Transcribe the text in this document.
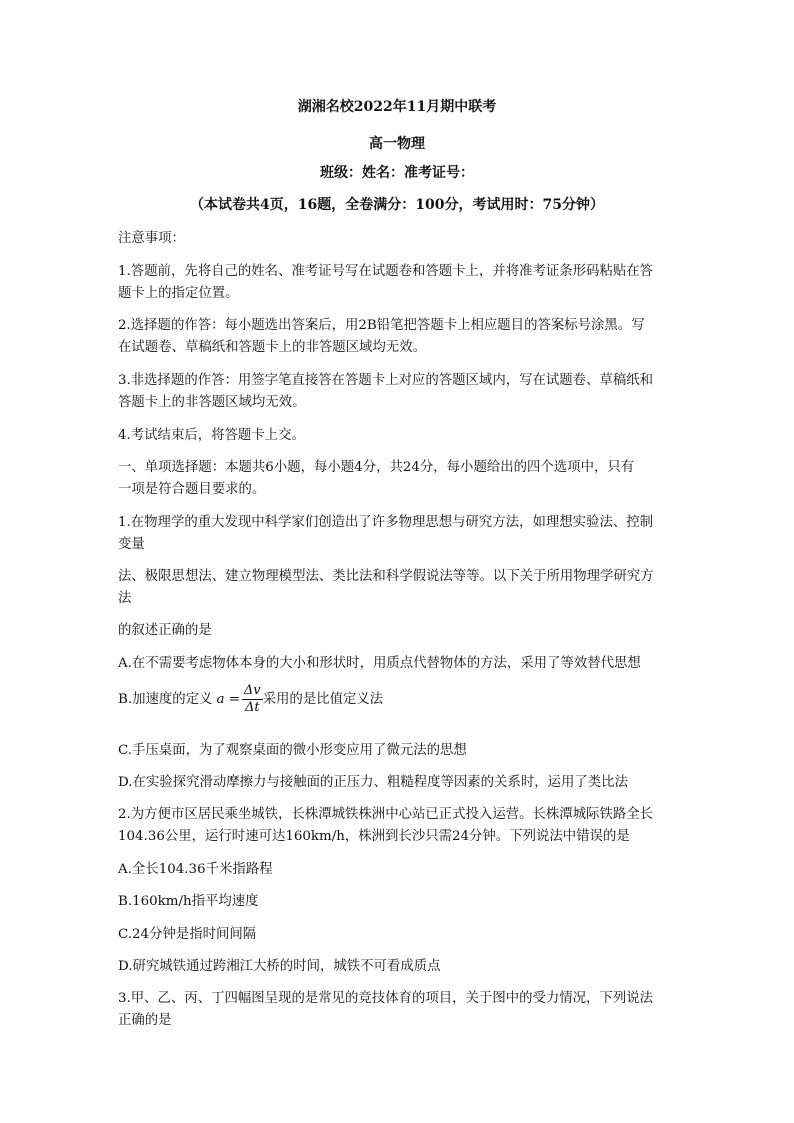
湖湘名校2022年11月期中联考
高一物理
班级：姓名：准考证号：
（本试卷共4页，16题，全卷满分：100分，考试用时：75分钟）
注意事项：
1.答题前，先将自己的姓名、准考证号写在试题卷和答题卡上，并将准考证条形码粘贴在答
题卡上的指定位置。
2.选择题的作答：每小题选出答案后，用2B铅笔把答题卡上相应题目的答案标号涂黑。写
在试题卷、草稿纸和答题卡上的非答题区域均无效。
3.非选择题的作答：用签字笔直接答在答题卡上对应的答题区域内，写在试题卷、草稿纸和
答题卡上的非答题区域均无效。
4.考试结束后，将答题卡上交。
一、单项选择题：本题共6小题，每小题4分，共24分，每小题给出的四个选项中，只有
一项是符合题目要求的。
1.在物理学的重大发现中科学家们创造出了许多物理思想与研究方法，如理想实验法、控制
变量
法、极限思想法、建立物理模型法、类比法和科学假说法等等。以下关于所用物理学研究方
法
的叙述正确的是
A.在不需要考虑物体本身的大小和形状时，用质点代替物体的方法，采用了等效替代思想
B.加速度的定义 $a = \frac{\Delta v}{\Delta t}$ 采用的是比值定义法
C.手压桌面，为了观察桌面的微小形变应用了微元法的思想
D.在实验探究滑动摩擦力与接触面的正压力、粗糙程度等因素的关系时，运用了类比法
2.为方便市区居民乘坐城铁，长株潭城铁株洲中心站已正式投入运营。长株潭城际铁路全长
104.36公里，运行时速可达160km/h，株洲到长沙只需24分钟。下列说法中错误的是
A.全长104.36千米指路程
B.160km/h指平均速度
C.24分钟是指时间间隔
D.研究城铁通过跨湘江大桥的时间，城铁不可看成质点
3.甲、乙、丙、丁四幅图呈现的是常见的竞技体育的项目，关于图中的受力情况，下列说法
正确的是
